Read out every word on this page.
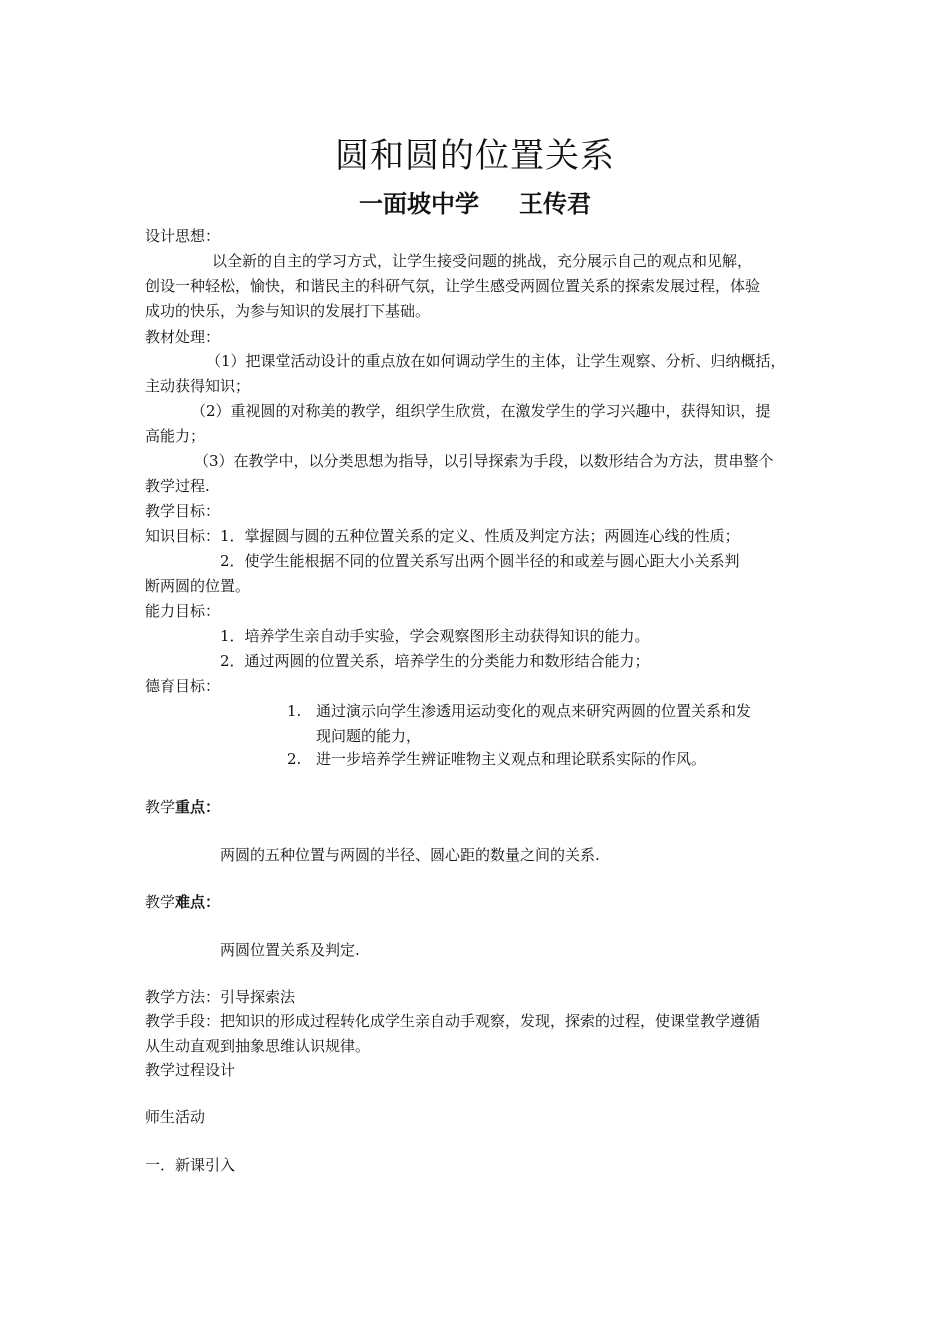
圆和圆的位置关系
一面坡中学 王传君
设计思想：
以全新的自主的学习方式，让学生接受问题的挑战，充分展示自己的观点和见解，
创设一种轻松，愉快，和谐民主的科研气氛，让学生感受两圆位置关系的探索发展过程，体验
成功的快乐，为参与知识的发展打下基础。
教材处理：
（1）把课堂活动设计的重点放在如何调动学生的主体，让学生观察、分析、归纳概括，
主动获得知识；
（2）重视圆的对称美的教学，组织学生欣赏，在激发学生的学习兴趣中，获得知识，提
高能力；
（3）在教学中，以分类思想为指导，以引导探索为手段，以数形结合为方法，贯串整个
教学过程.
教学目标：
知识目标：1．掌握圆与圆的五种位置关系的定义、性质及判定方法；两圆连心线的性质；
2．使学生能根据不同的位置关系写出两个圆半径的和或差与圆心距大小关系判
断两圆的位置。
能力目标：
1．培养学生亲自动手实验，学会观察图形主动获得知识的能力。
2．通过两圆的位置关系，培养学生的分类能力和数形结合能力；
德育目标：
1. 通过演示向学生渗透用运动变化的观点来研究两圆的位置关系和发
现问题的能力，
2. 进一步培养学生辨证唯物主义观点和理论联系实际的作风。
教学重点：
两圆的五种位置与两圆的半径、圆心距的数量之间的关系.
教学难点：
两圆位置关系及判定.
教学方法：引导探索法
教学手段：把知识的形成过程转化成学生亲自动手观察，发现，探索的过程，使课堂教学遵循
从生动直观到抽象思维认识规律。
教学过程设计
师生活动
一．新课引入
